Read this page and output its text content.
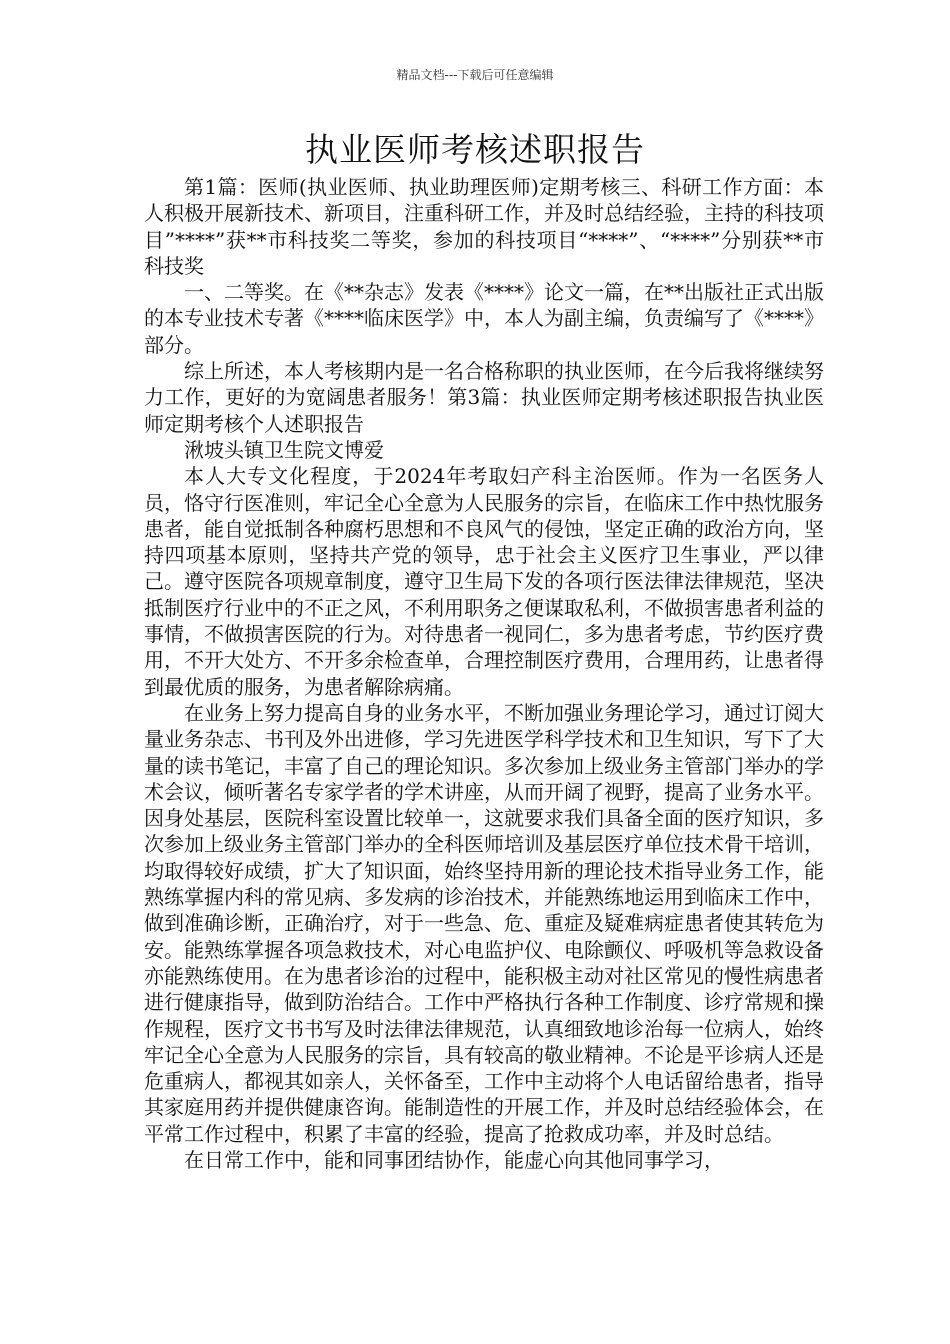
精品文档---下载后可任意编辑
执业医师考核述职报告

第1篇：医师(执业医师、执业助理医师)定期考核三、科研工作方面：本人积极开展新技术、新项目，注重科研工作，并及时总结经验，主持的科技项目”****”获**市科技奖二等奖，参加的科技项目“****”、“****”分别获**市科技奖

一、二等奖。在《**杂志》发表《****》论文一篇，在**出版社正式出版的本专业技术专著《****临床医学》中，本人为副主编，负责编写了《****》部分。

综上所述，本人考核期内是一名合格称职的执业医师，在今后我将继续努力工作，更好的为宽阔患者服务！第3篇：执业医师定期考核述职报告执业医师定期考核个人述职报告

湫坡头镇卫生院文博爱

本人大专文化程度，于2024年考取妇产科主治医师。作为一名医务人员，恪守行医准则，牢记全心全意为人民服务的宗旨，在临床工作中热忱服务患者，能自觉抵制各种腐朽思想和不良风气的侵蚀，坚定正确的政治方向，坚持四项基本原则，坚持共产党的领导，忠于社会主义医疗卫生事业，严以律己。遵守医院各项规章制度，遵守卫生局下发的各项行医法律法律规范，坚决抵制医疗行业中的不正之风，不利用职务之便谋取私利，不做损害患者利益的事情，不做损害医院的行为。对待患者一视同仁，多为患者考虑，节约医疗费用，不开大处方、不开多余检查单，合理控制医疗费用，合理用药，让患者得到最优质的服务，为患者解除病痛。

在业务上努力提高自身的业务水平，不断加强业务理论学习，通过订阅大量业务杂志、书刊及外出进修，学习先进医学科学技术和卫生知识，写下了大量的读书笔记，丰富了自己的理论知识。多次参加上级业务主管部门举办的学术会议，倾听著名专家学者的学术讲座，从而开阔了视野，提高了业务水平。因身处基层，医院科室设置比较单一，这就要求我们具备全面的医疗知识，多次参加上级业务主管部门举办的全科医师培训及基层医疗单位技术骨干培训，均取得较好成绩，扩大了知识面，始终坚持用新的理论技术指导业务工作，能熟练掌握内科的常见病、多发病的诊治技术，并能熟练地运用到临床工作中，做到准确诊断，正确治疗，对于一些急、危、重症及疑难病症患者使其转危为安。能熟练掌握各项急救技术，对心电监护仪、电除颤仪、呼吸机等急救设备亦能熟练使用。在为患者诊治的过程中，能积极主动对社区常见的慢性病患者进行健康指导，做到防治结合。工作中严格执行各种工作制度、诊疗常规和操作规程，医疗文书书写及时法律法律规范，认真细致地诊治每一位病人，始终牢记全心全意为人民服务的宗旨，具有较高的敬业精神。不论是平诊病人还是危重病人，都视其如亲人，关怀备至，工作中主动将个人电话留给患者，指导其家庭用药并提供健康咨询。能制造性的开展工作，并及时总结经验体会，在平常工作过程中，积累了丰富的经验，提高了抢救成功率，并及时总结。

在日常工作中，能和同事团结协作，能虚心向其他同事学习，
